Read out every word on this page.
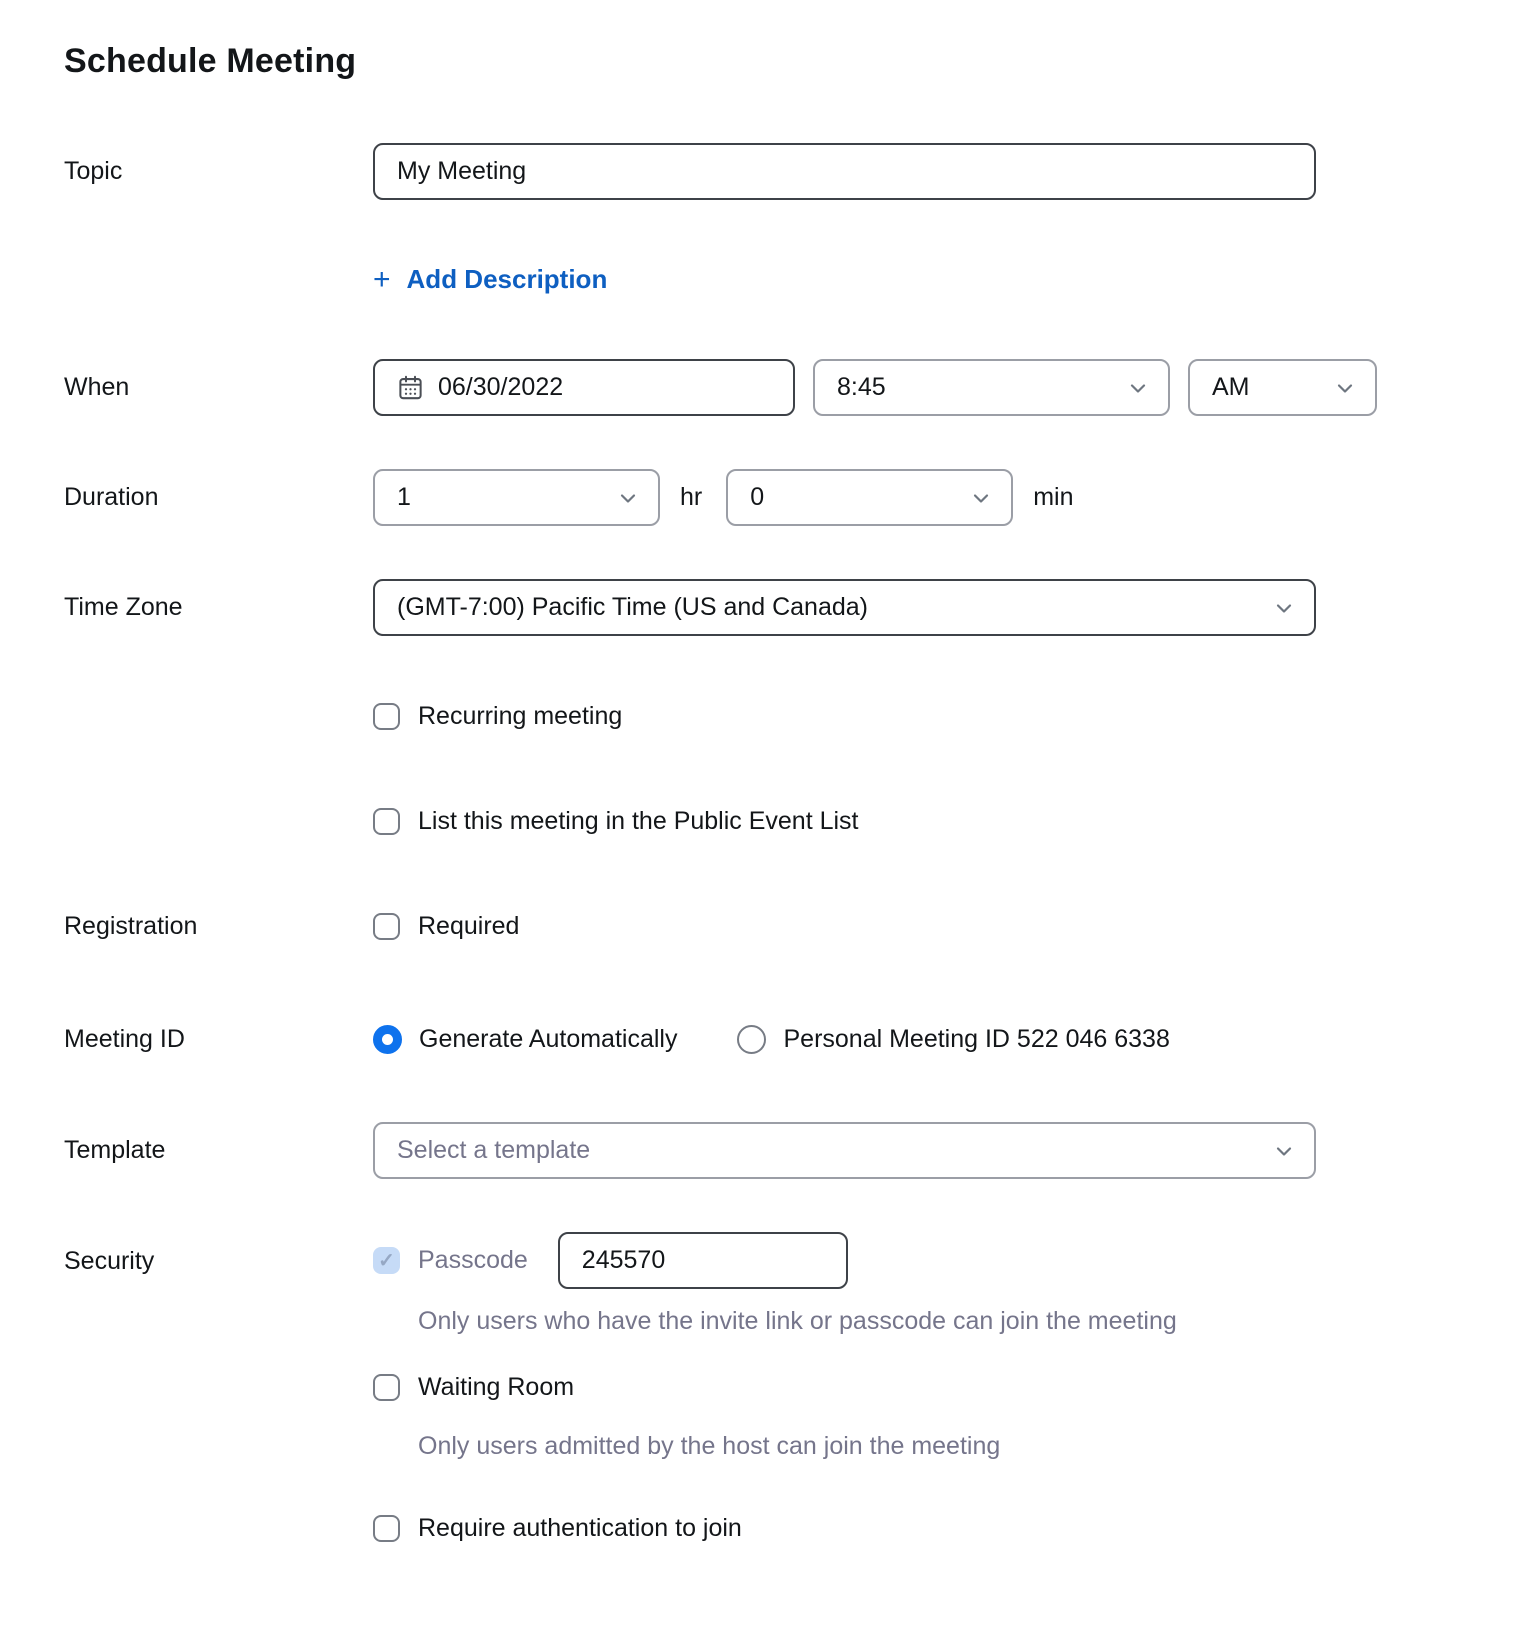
Schedule Meeting
Topic	My Meeting
+ Add Description
When	06/30/2022	8:45	AM
Duration	1	hr 0	min
Time Zone	(GMT-7:00) Pacific Time (US and Canada)
Recurring meeting
List this meeting in the Public Event List
Registration	Required
Meeting ID	Generate Automatically	Personal Meeting ID 522 046 6338
Template	Select a template
Security	✓ Passcode 245570
Only users who have the invite link or passcode can join the meeting
Waiting Room
Only users admitted by the host can join the meeting
Require authentication to join
